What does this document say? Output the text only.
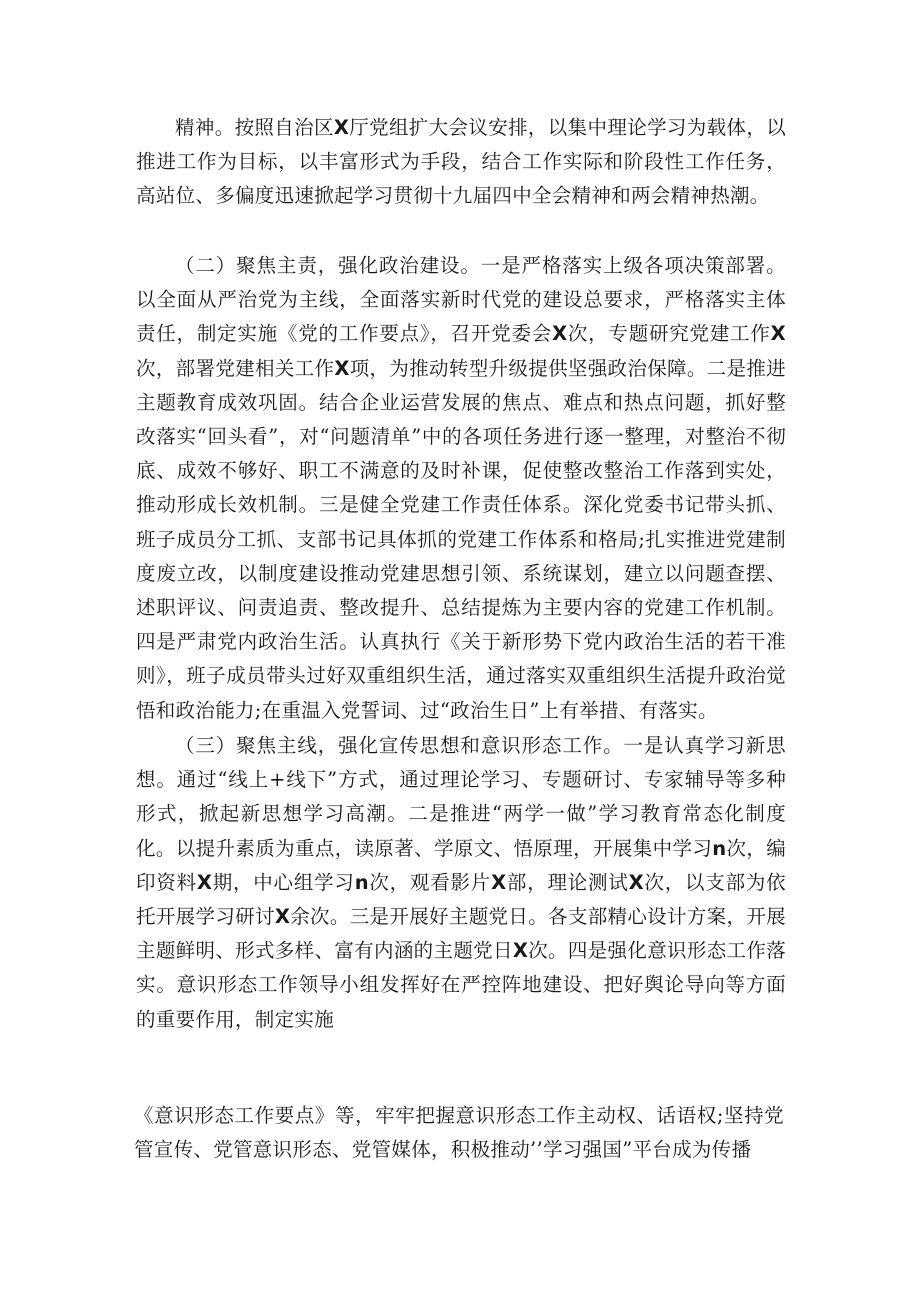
精神。按照自治区X厅党组扩大会议安排，以集中理论学习为载体，以推进工作为目标，以丰富形式为手段，结合工作实际和阶段性工作任务，高站位、多偏度迅速掀起学习贯彻十九届四中全会精神和两会精神热潮。

（二）聚焦主责，强化政治建设。一是严格落实上级各项决策部署。以全面从严治党为主线，全面落实新时代党的建设总要求，严格落实主体责任，制定实施《党的工作要点》，召开党委会X次，专题研究党建工作X次，部署党建相关工作X项，为推动转型升级提供坚强政治保障。二是推进主题教育成效巩固。结合企业运营发展的焦点、难点和热点问题，抓好整改落实“回头看”，对“问题清单”中的各项任务进行逐一整理，对整治不彻底、成效不够好、职工不满意的及时补课，促使整改整治工作落到实处，推动形成长效机制。三是健全党建工作责任体系。深化党委书记带头抓、班子成员分工抓、支部书记具体抓的党建工作体系和格局;扎实推进党建制度废立改，以制度建设推动党建思想引领、系统谋划，建立以问题查摆、述职评议、问责追责、整改提升、总结提炼为主要内容的党建工作机制。四是严肃党内政治生活。认真执行《关于新形势下党内政治生活的若干准则》，班子成员带头过好双重组织生活，通过落实双重组织生活提升政治觉悟和政治能力;在重温入党誓词、过“政治生日”上有举措、有落实。

（三）聚焦主线，强化宣传思想和意识形态工作。一是认真学习新思想。通过“线上+线下”方式，通过理论学习、专题研讨、专家辅导等多种形式，掀起新思想学习高潮。二是推进“两学一做”学习教育常态化制度化。以提升素质为重点，读原著、学原文、悟原理，开展集中学习n次，编印资料X期，中心组学习n次，观看影片X部，理论测试X次，以支部为依托开展学习研讨X余次。三是开展好主题党日。各支部精心设计方案，开展主题鲜明、形式多样、富有内涵的主题党日X次。四是强化意识形态工作落实。意识形态工作领导小组发挥好在严控阵地建设、把好舆论导向等方面的重要作用，制定实施

《意识形态工作要点》等，牢牢把握意识形态工作主动权、话语权;坚持党管宣传、党管意识形态、党管媒体，积极推动’’学习强国”平台成为传播
